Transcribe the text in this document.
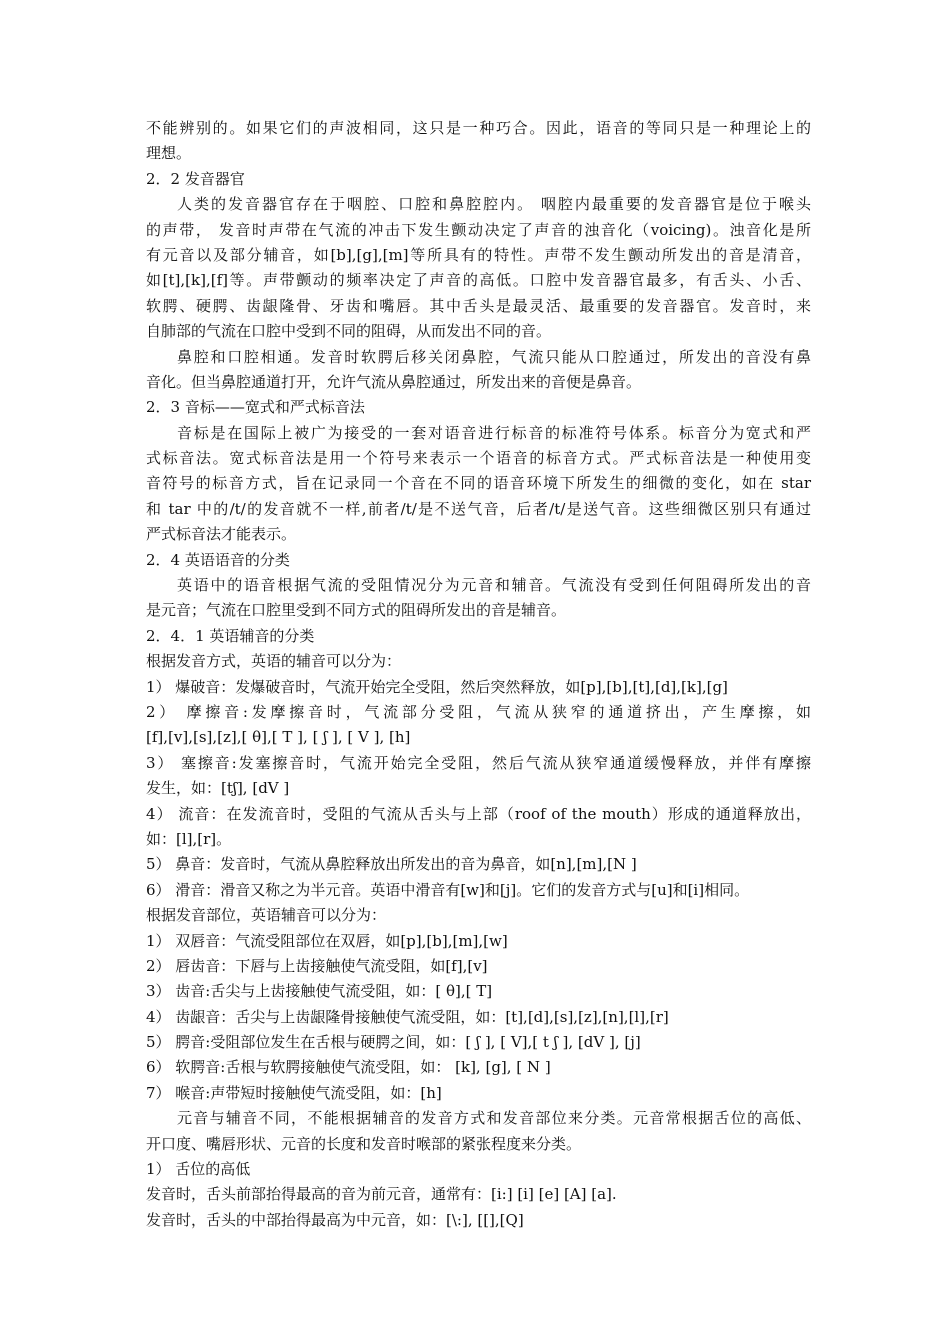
不能辨别的。如果它们的声波相同，这只是一种巧合。因此，语音的等同只是一种理论上的
理想。
2．2 发音器官
人类的发音器官存在于咽腔、口腔和鼻腔腔内。 咽腔内最重要的发音器官是位于喉头
的声带， 发音时声带在气流的冲击下发生颤动决定了声音的浊音化（voicing)。浊音化是所
有元音以及部分辅音，如[b],[g],[m]等所具有的特性。声带不发生颤动所发出的音是清音，
如[t],[k],[f]等。声带颤动的频率决定了声音的高低。口腔中发音器官最多，有舌头、小舌、
软腭、硬腭、齿龈隆骨、牙齿和嘴唇。其中舌头是最灵活、最重要的发音器官。发音时，来
自肺部的气流在口腔中受到不同的阻碍，从而发出不同的音。
鼻腔和口腔相通。发音时软腭后移关闭鼻腔，气流只能从口腔通过，所发出的音没有鼻
音化。但当鼻腔通道打开，允许气流从鼻腔通过，所发出来的音便是鼻音。
2．3 音标——宽式和严式标音法
音标是在国际上被广为接受的一套对语音进行标音的标准符号体系。标音分为宽式和严
式标音法。宽式标音法是用一个符号来表示一个语音的标音方式。严式标音法是一种使用变
音符号的标音方式，旨在记录同一个音在不同的语音环境下所发生的细微的变化，如在 star
和 tar 中的/t/的发音就不一样,前者/t/是不送气音，后者/t/是送气音。这些细微区别只有通过
严式标音法才能表示。
2．4 英语语音的分类
英语中的语音根据气流的受阻情况分为元音和辅音。气流没有受到任何阻碍所发出的音
是元音；气流在口腔里受到不同方式的阻碍所发出的音是辅音。
2．4．1 英语辅音的分类
根据发音方式，英语的辅音可以分为：
1） 爆破音：发爆破音时，气流开始完全受阻，然后突然释放，如[p],[b],[t],[d],[k],[g]
2） 摩擦音:发摩擦音时，气流部分受阻，气流从狭窄的通道挤出，产生摩擦，如
[f],[v],[s],[z],[ θ],[ T ], [ ʃ ], [ V ], [h]
3） 塞擦音:发塞擦音时，气流开始完全受阻，然后气流从狭窄通道缓慢释放，并伴有摩擦
发生，如：[tʃ], [dV ]
4） 流音：在发流音时，受阻的气流从舌头与上部（roof of the mouth）形成的通道释放出，
如：[l],[r]。
5） 鼻音：发音时，气流从鼻腔释放出所发出的音为鼻音，如[n],[m],[N ]
6） 滑音：滑音又称之为半元音。英语中滑音有[w]和[j]。它们的发音方式与[u]和[i]相同。
根据发音部位，英语辅音可以分为：
1） 双唇音：气流受阻部位在双唇，如[p],[b],[m],[w]
2） 唇齿音：下唇与上齿接触使气流受阻，如[f],[v]
3） 齿音:舌尖与上齿接触使气流受阻，如：[ θ],[ T]
4） 齿龈音：舌尖与上齿龈隆骨接触使气流受阻，如：[t],[d],[s],[z],[n],[l],[r]
5） 腭音:受阻部位发生在舌根与硬腭之间，如：[ ʃ ], [ V],[ t ʃ ], [dV ], [j]
6） 软腭音:舌根与软腭接触使气流受阻，如： [k], [g], [ N ]
7） 喉音:声带短时接触使气流受阻，如：[h]
元音与辅音不同，不能根据辅音的发音方式和发音部位来分类。元音常根据舌位的高低、
开口度、嘴唇形状、元音的长度和发音时喉部的紧张程度来分类。
1） 舌位的高低
发音时，舌头前部抬得最高的音为前元音，通常有：[i:] [i] [e] [A] [a].
发音时，舌头的中部抬得最高为中元音，如：[\:], [[],[Q]
